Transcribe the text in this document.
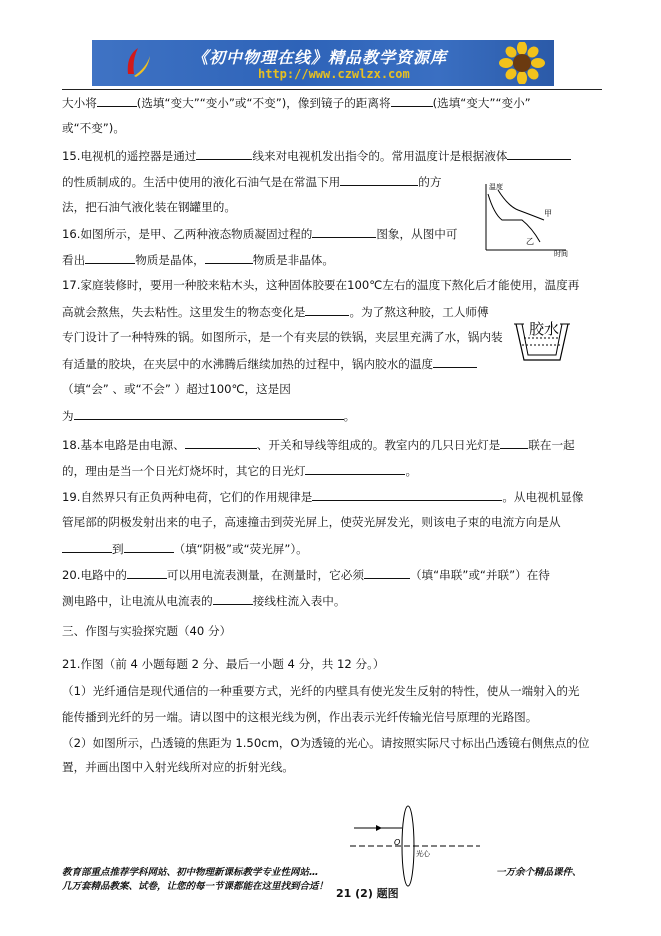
《初中物理在线》精品教学资源库
http://www.czwlzx.com
大小将	(选填“变大”“变小”或“不变”)，像到镜子的距离将	(选填“变大”“变小”
或“不变”)。
15.电视机的遥控器是通过	线来对电视机发出指令的。常用温度计是根据液体
的性质制成的。生活中使用的液化石油气是在常温下用	的方
法，把石油气液化装在钢罐里的。
16.如图所示，是甲、乙两种液态物质凝固过程的	图象，从图中可
看出	物质是晶体，	物质是非晶体。
17.家庭装修时，要用一种胶来粘木头，这种固体胶要在100℃左右的温度下熬化后才能使用，温度再
高就会熬焦，失去粘性。这里发生的物态变化是	。为了熬这种胶，工人师傅
专门设计了一种特殊的锅。如图所示，是一个有夹层的铁锅，夹层里充满了水，锅内装
有适量的胶块，在夹层中的水沸腾后继续加热的过程中，锅内胶水的温度
（填“会” 、或“不会” ）超过100℃，这是因
为	。
18.基本电路是由电源、	、开关和导线等组成的。教室内的几只日光灯是 联在一起
的，理由是当一个日光灯烧坏时，其它的日光灯	。
19.自然界只有正负两种电荷，它们的作用规律是	。从电视机显像
管尾部的阴极发射出来的电子，高速撞击到荧光屏上，使荧光屏发光，则该电子束的电流方向是从
到	（填“阴极”或“荧光屏”）。
20.电路中的	可以用电流表测量，在测量时，它必须	（填“串联”或“并联”）在待
测电路中，让电流从电流表的	接线柱流入表中。
三、作图与实验探究题（40 分）
21.作图（前 4 小题每题 2 分、最后一小题 4 分，共 12 分。）
（1）光纤通信是现代通信的一种重要方式，光纤的内壁具有使光发生反射的特性，使从一端射入的光
能传播到光纤的另一端。请以图中的这根光线为例，作出表示光纤传输光信号原理的光路图。
（2）如图所示，凸透镜的焦距为 1.50cm，O为透镜的光心。请按照实际尺寸标出凸透镜右侧焦点的位
置，并画出图中入射光线所对应的折射光线。
温度
时间
甲
乙
胶水
O
光心
21 (2) 题图
教育部重点推荐学科网站、初中物理新课标教学专业性网站…
几万套精品教案、试卷，让您的每一节课都能在这里找到合适！
一万余个精品课件、
